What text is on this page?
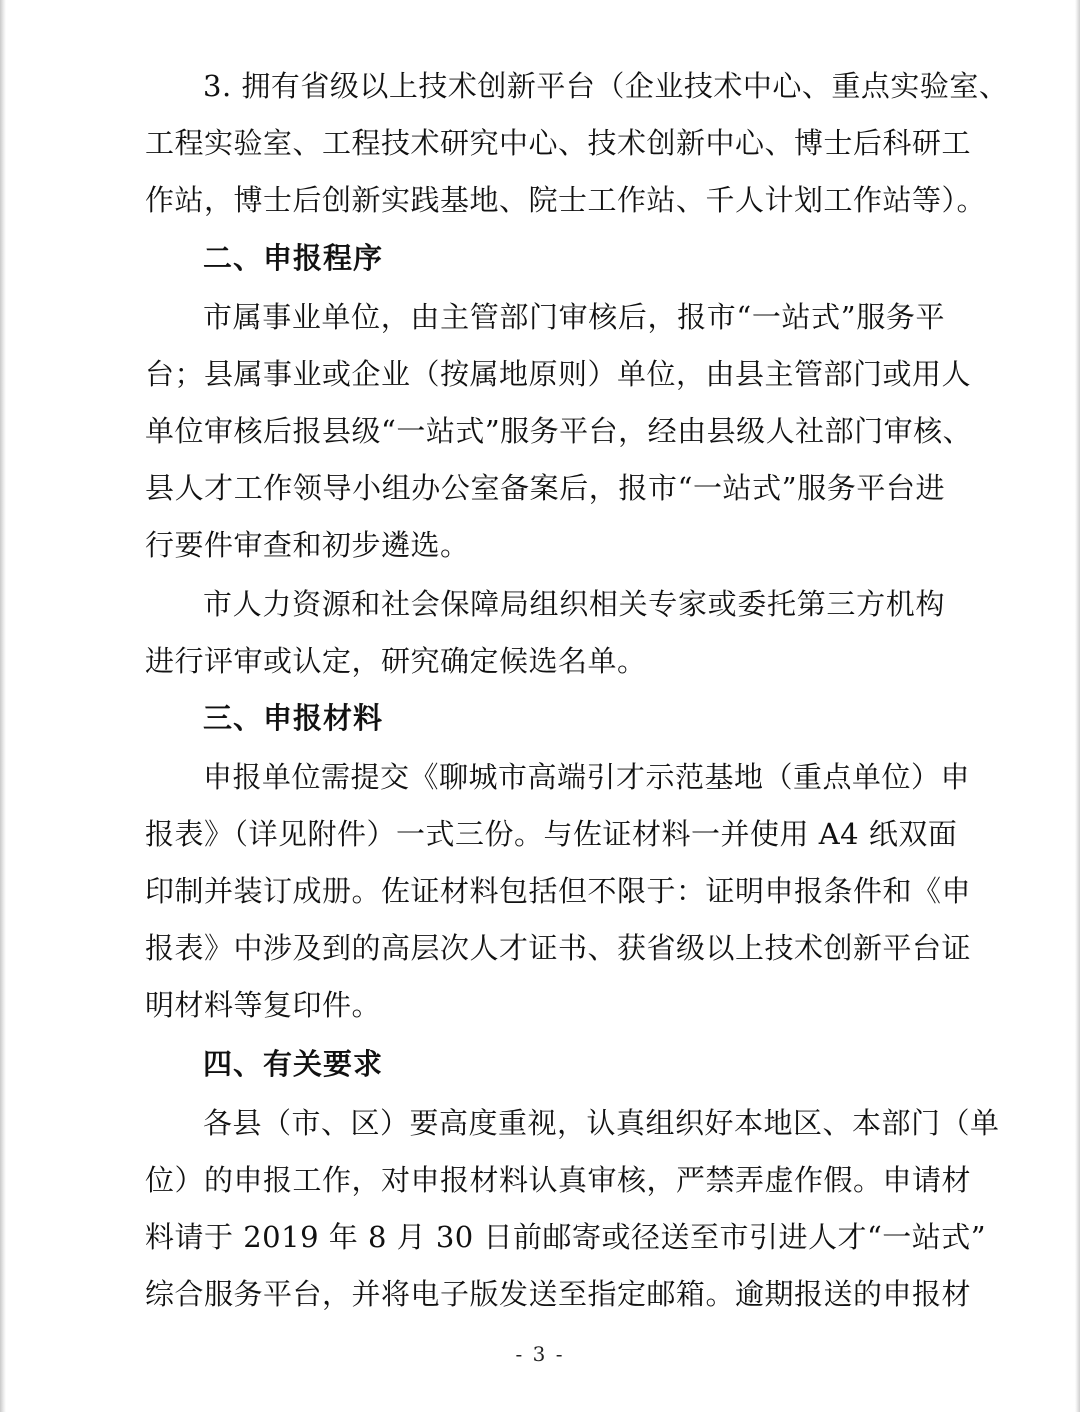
3. 拥有省级以上技术创新平台（企业技术中心、重点实验室、
工程实验室、工程技术研究中心、技术创新中心、博士后科研工
作站，博士后创新实践基地、院士工作站、千人计划工作站等）。
二、申报程序
市属事业单位，由主管部门审核后，报市“一站式”服务平
台；县属事业或企业（按属地原则）单位，由县主管部门或用人
单位审核后报县级“一站式”服务平台，经由县级人社部门审核、
县人才工作领导小组办公室备案后，报市“一站式”服务平台进
行要件审查和初步遴选。
市人力资源和社会保障局组织相关专家或委托第三方机构
进行评审或认定，研究确定候选名单。
三、申报材料
申报单位需提交《聊城市高端引才示范基地（重点单位）申
报表》（详见附件）一式三份。与佐证材料一并使用 A4 纸双面
印制并装订成册。佐证材料包括但不限于：证明申报条件和《申
报表》中涉及到的高层次人才证书、获省级以上技术创新平台证
明材料等复印件。
四、有关要求
各县（市、区）要高度重视，认真组织好本地区、本部门（单
位）的申报工作，对申报材料认真审核，严禁弄虚作假。申请材
料请于 2019 年 8 月 30 日前邮寄或径送至市引进人才“一站式”
综合服务平台，并将电子版发送至指定邮箱。逾期报送的申报材
- 3 -
